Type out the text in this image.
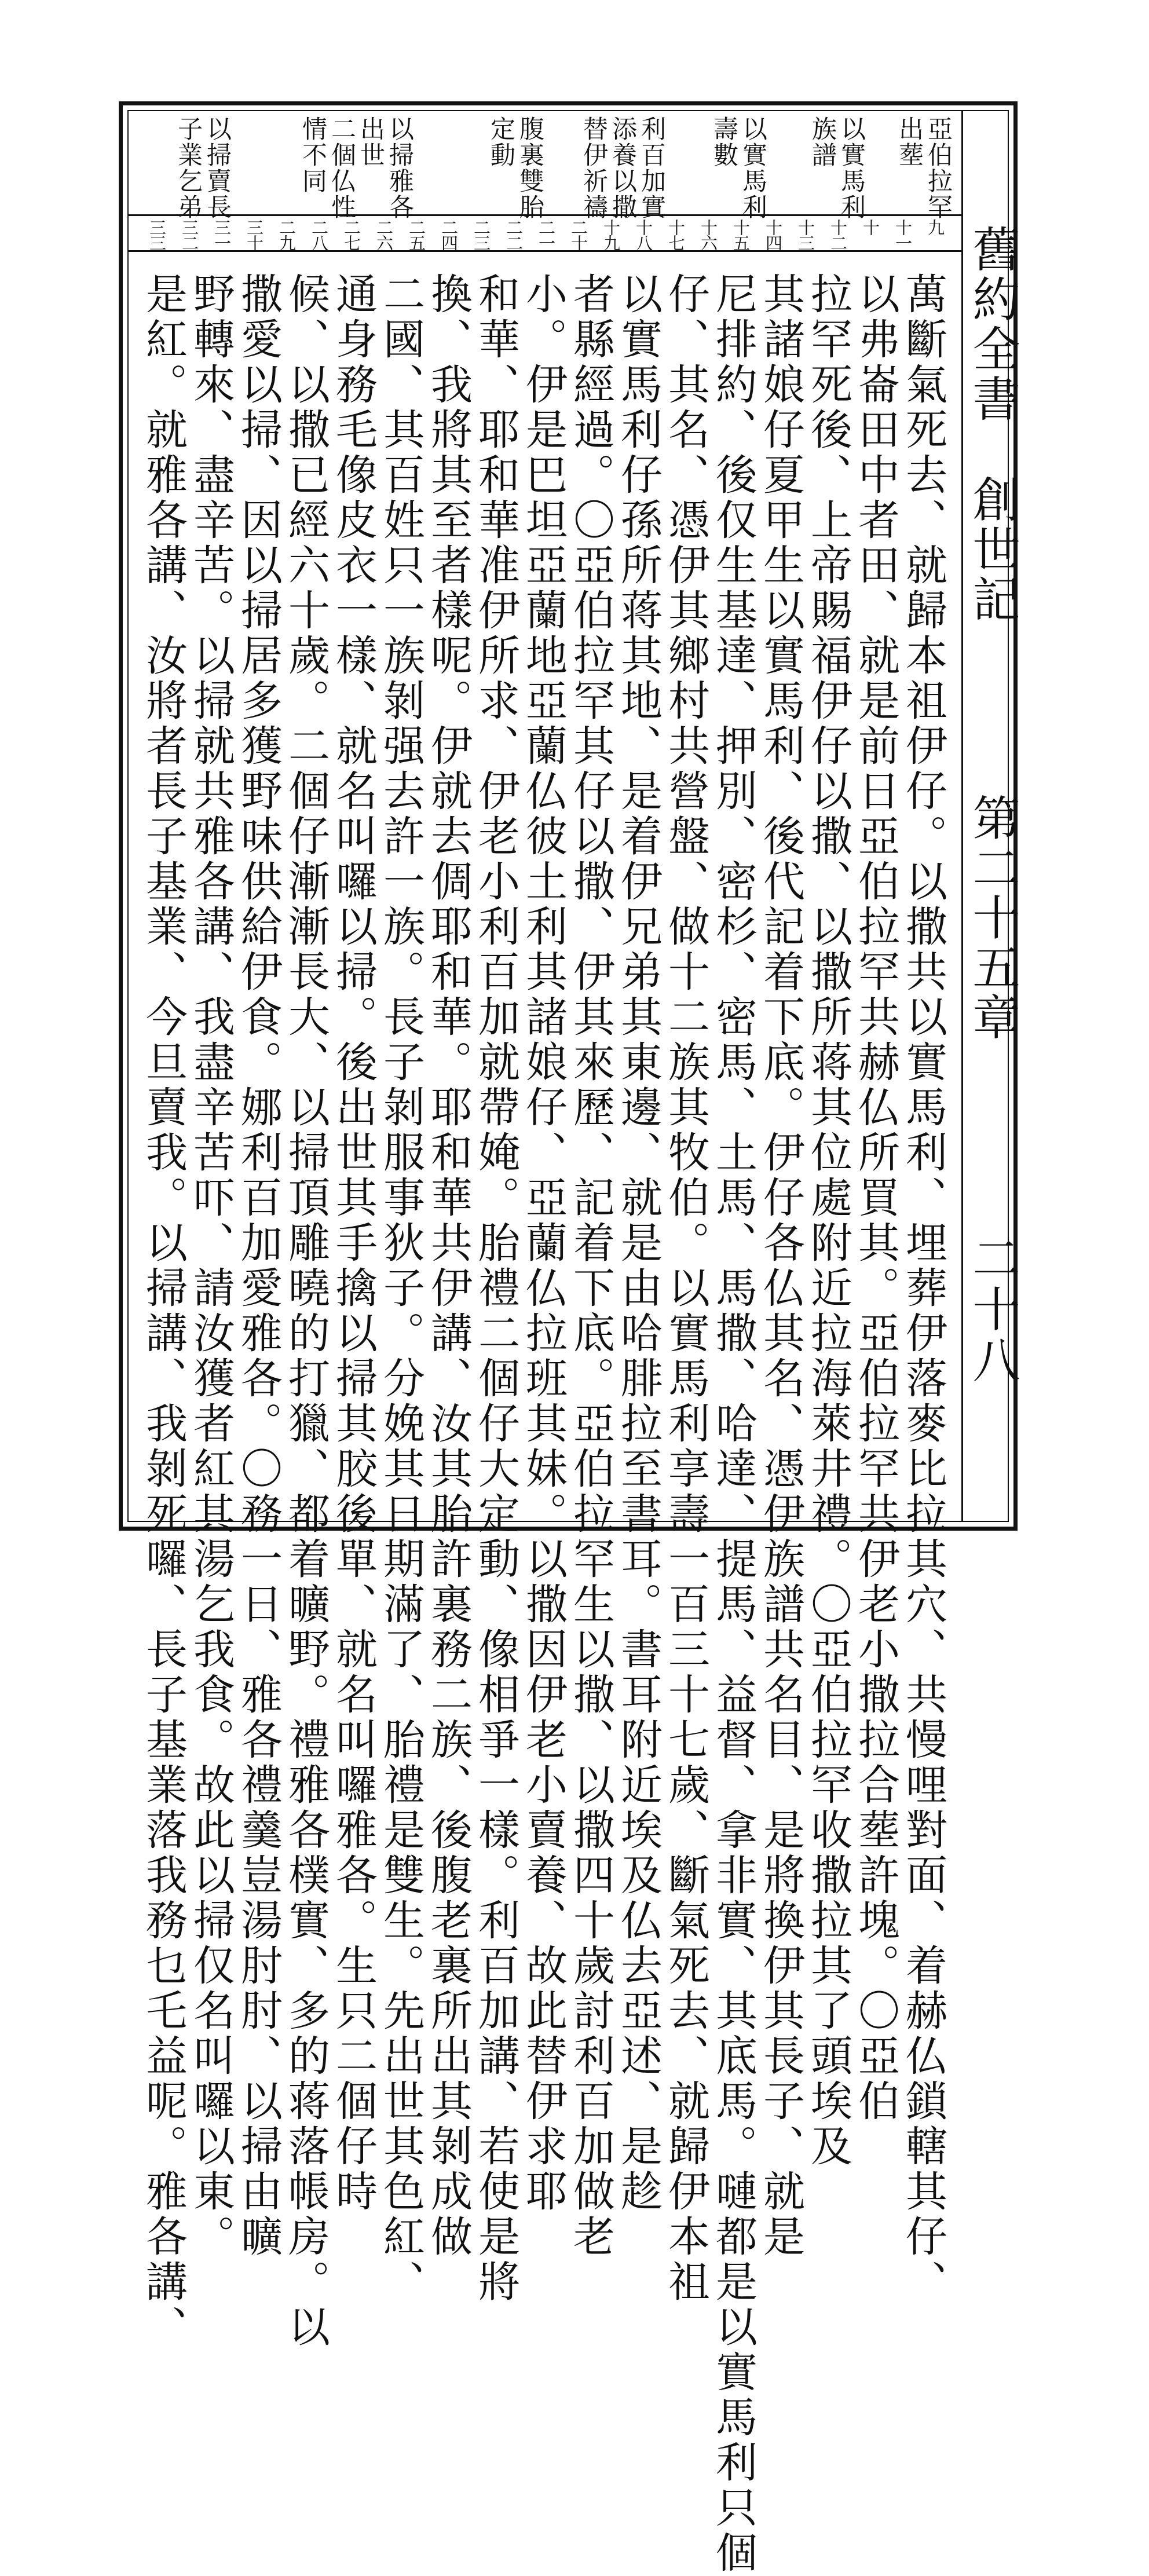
舊約全書
創世記
第二十五章
二十八
亞伯拉罕
出塟
以實馬利
族譜
以實馬利
壽數
利百加實
添養以撒
替伊祈禱
腹裏雙胎
定動
以掃雅各
出世
二個仏性
情不同
以掃賣長
子業乞弟
九
十一
十
十二
十三
十四
十五
十六
十七
十八
十九
二十
二一
二二
二三
二四
二五
二六
二七
二八
二九
三十
三一
三二
三三
萬斷氣死去、就歸本祖伊仔。以撒共以實馬利、埋葬伊落麥比拉其穴、共慢哩對面、着赫仏鎖轄其仔、
以弗崙田中者田、就是前日亞伯拉罕共赫仏所買其。亞伯拉罕共伊老小撒拉合塟許塊。〇亞伯
拉罕死後、上帝賜福伊仔以撒、以撒所蒋其位處附近拉海萊井禮。〇亞伯拉罕收撒拉其了頭埃及
其諸娘仔夏甲生以實馬利、後代記着下底。伊仔各仏其名、憑伊族譜共名目、是將換伊其長子、就是
尼排約、後仅生基達、押別、密杉、密馬、土馬、馬撒、哈達、提馬、益督、拿非實、其底馬。嗹都是以實馬利只個
仔、其名、憑伊其鄉村共營盤、做十二族其牧伯。以實馬利享壽一百三十七歲、斷氣死去、就歸伊本祖
以實馬利仔孫所蒋其地、是着伊兄弟其東邊、就是由哈腓拉至書耳。書耳附近埃及仏去亞述、是趁
者縣經過。〇亞伯拉罕其仔以撒、伊其來歷、記着下底。亞伯拉罕生以撒、以撒四十歲討利百加做老
小。伊是巴坦亞蘭地亞蘭仏彼土利其諸娘仔、亞蘭仏拉班其妹。以撒因伊老小賣養、故此替伊求耶
和華、耶和華准伊所求、伊老小利百加就帶㛪。胎禮二個仔大定動、像相爭一樣。利百加講、若使是將
換、我將其至者樣呢。伊就去倜耶和華。耶和華共伊講、汝其胎許裏務二族、後腹老裏所出其剝成做
二國、其百姓只一族剝强去許一族。長子剝服事狄子。分娩其日期滿了、胎禮是雙生。先出世其色紅、
通身務毛像皮衣一樣、就名叫囉以掃。後出世其手擒以掃其胶後單、就名叫囉雅各。生只二個仔時
候、以撒已經六十歲。二個仔漸漸長大、以掃頂雕曉的打獵、都着曠野。禮雅各樸實、多的蒋落帳房。以
撒愛以掃、因以掃居多獲野味供給伊食。娜利百加愛雅各。〇務一日、雅各禮羹豈湯肘肘、以掃由曠
野轉來、盡辛苦。以掃就共雅各講、我盡辛苦吓、請汝獲者紅其湯乞我食。故此以掃仅名叫囉以東。
是紅。就雅各講、汝將者長子基業、今旦賣我。以掃講、我剝死囉、長子基業落我務乜乇益呢。雅各講、
